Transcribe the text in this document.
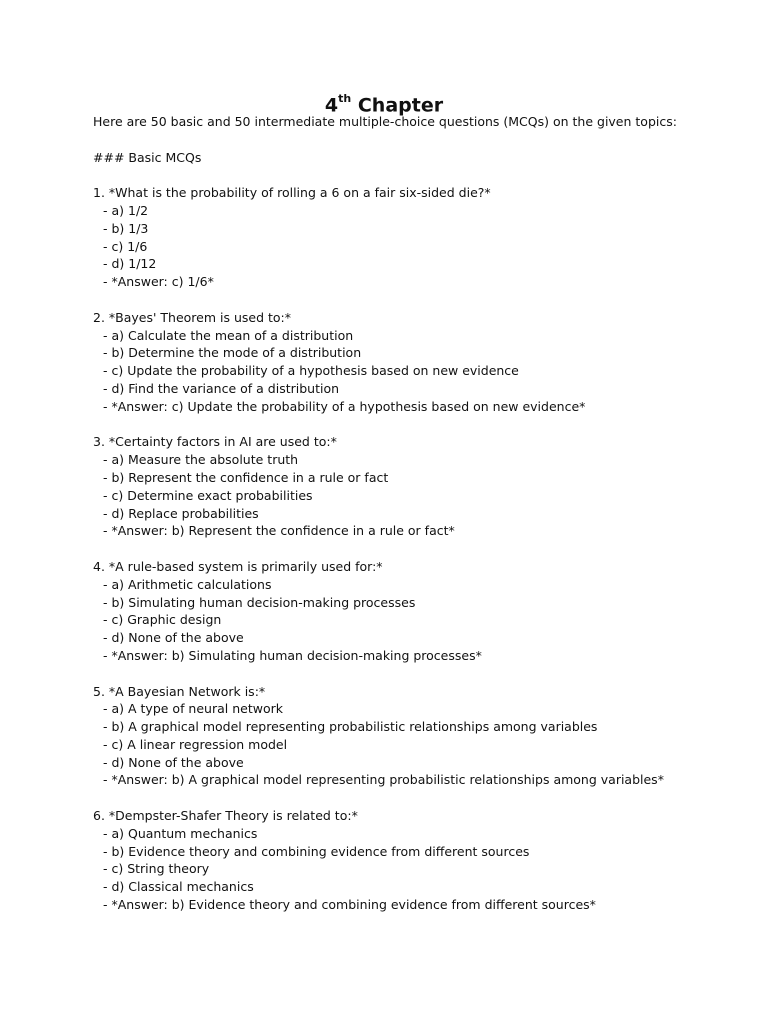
4th Chapter
Here are 50 basic and 50 intermediate multiple-choice questions (MCQs) on the given topics:
### Basic MCQs
1. *What is the probability of rolling a 6 on a fair six-sided die?*
- a) 1/2
- b) 1/3
- c) 1/6
- d) 1/12
- *Answer: c) 1/6*
2. *Bayes' Theorem is used to:*
- a) Calculate the mean of a distribution
- b) Determine the mode of a distribution
- c) Update the probability of a hypothesis based on new evidence
- d) Find the variance of a distribution
- *Answer: c) Update the probability of a hypothesis based on new evidence*
3. *Certainty factors in AI are used to:*
- a) Measure the absolute truth
- b) Represent the confidence in a rule or fact
- c) Determine exact probabilities
- d) Replace probabilities
- *Answer: b) Represent the confidence in a rule or fact*
4. *A rule-based system is primarily used for:*
- a) Arithmetic calculations
- b) Simulating human decision-making processes
- c) Graphic design
- d) None of the above
- *Answer: b) Simulating human decision-making processes*
5. *A Bayesian Network is:*
- a) A type of neural network
- b) A graphical model representing probabilistic relationships among variables
- c) A linear regression model
- d) None of the above
- *Answer: b) A graphical model representing probabilistic relationships among variables*
6. *Dempster-Shafer Theory is related to:*
- a) Quantum mechanics
- b) Evidence theory and combining evidence from different sources
- c) String theory
- d) Classical mechanics
- *Answer: b) Evidence theory and combining evidence from different sources*
